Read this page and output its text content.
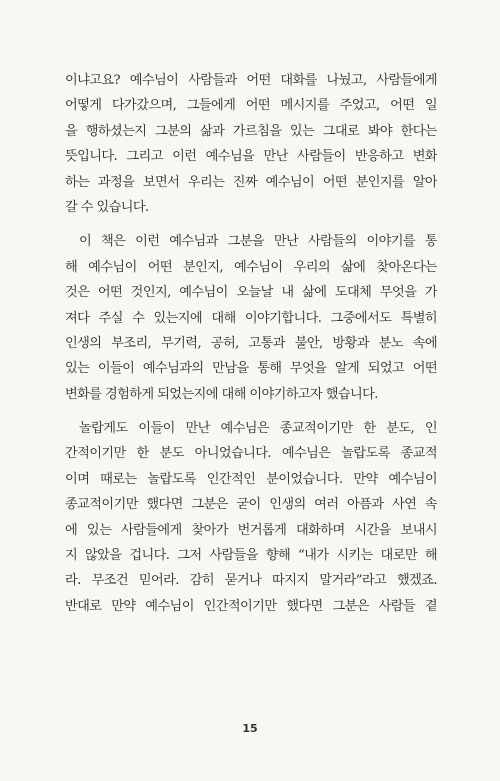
이냐고요? 예수님이 사람들과 어떤 대화를 나눴고, 사람들에게
어떻게 다가갔으며, 그들에게 어떤 메시지를 주었고, 어떤 일
을 행하셨는지 그분의 삶과 가르침을 있는 그대로 봐야 한다는
뜻입니다. 그리고 이런 예수님을 만난 사람들이 반응하고 변화
하는 과정을 보면서 우리는 진짜 예수님이 어떤 분인지를 알아
갈 수 있습니다.
이 책은 이런 예수님과 그분을 만난 사람들의 이야기를 통
해 예수님이 어떤 분인지, 예수님이 우리의 삶에 찾아온다는
것은 어떤 것인지, 예수님이 오늘날 내 삶에 도대체 무엇을 가
져다 주실 수 있는지에 대해 이야기합니다. 그중에서도 특별히
인생의 부조리, 무기력, 공허, 고통과 불안, 방황과 분노 속에
있는 이들이 예수님과의 만남을 통해 무엇을 알게 되었고 어떤
변화를 경험하게 되었는지에 대해 이야기하고자 했습니다.
놀랍게도 이들이 만난 예수님은 종교적이기만 한 분도, 인
간적이기만 한 분도 아니었습니다. 예수님은 놀랍도록 종교적
이며 때로는 놀랍도록 인간적인 분이었습니다. 만약 예수님이
종교적이기만 했다면 그분은 굳이 인생의 여러 아픔과 사연 속
에 있는 사람들에게 찾아가 번거롭게 대화하며 시간을 보내시
지 않았을 겁니다. 그저 사람들을 향해 “내가 시키는 대로만 해
라. 무조건 믿어라. 감히 묻거나 따지지 말거라”라고 했겠죠.
반대로 만약 예수님이 인간적이기만 했다면 그분은 사람들 곁
15
